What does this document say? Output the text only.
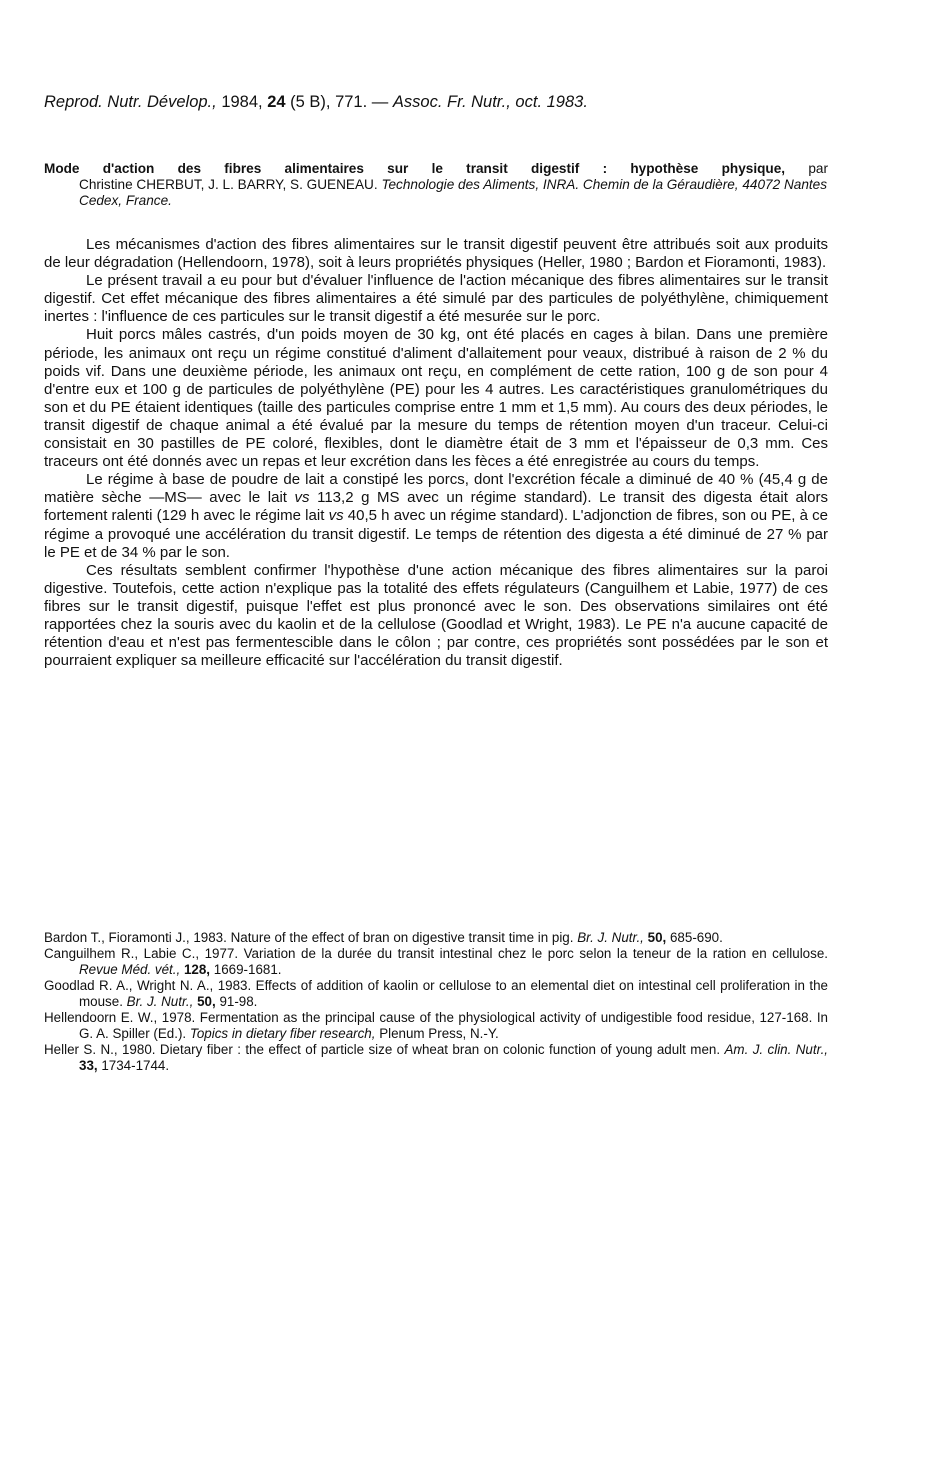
Reprod. Nutr. Dévelop., 1984, 24 (5 B), 771. — Assoc. Fr. Nutr., oct. 1983.
Mode d'action des fibres alimentaires sur le transit digestif : hypothèse physique, par
Christine CHERBUT, J. L. BARRY, S. GUENEAU. Technologie des Aliments, INRA. Chemin de la Géraudière, 44072 Nantes Cedex, France.

Les mécanismes d'action des fibres alimentaires sur le transit digestif peuvent être attribués soit aux produits de leur dégradation (Hellendoorn, 1978), soit à leurs propriétés physiques (Heller, 1980 ; Bardon et Fioramonti, 1983).

Le présent travail a eu pour but d'évaluer l'influence de l'action mécanique des fibres alimentaires sur le transit digestif. Cet effet mécanique des fibres alimentaires a été simulé par des particules de polyéthylène, chimiquement inertes : l'influence de ces particules sur le transit digestif a été mesurée sur le porc.

Huit porcs mâles castrés, d'un poids moyen de 30 kg, ont été placés en cages à bilan. Dans une première période, les animaux ont reçu un régime constitué d'aliment d'allaitement pour veaux, distribué à raison de 2 % du poids vif. Dans une deuxième période, les animaux ont reçu, en complément de cette ration, 100 g de son pour 4 d'entre eux et 100 g de particules de polyéthylène (PE) pour les 4 autres. Les caractéristiques granulométriques du son et du PE étaient identiques (taille des particules comprise entre 1 mm et 1,5 mm). Au cours des deux périodes, le transit digestif de chaque animal a été évalué par la mesure du temps de rétention moyen d'un traceur. Celui-ci consistait en 30 pastilles de PE coloré, flexibles, dont le diamètre était de 3 mm et l'épaisseur de 0,3 mm. Ces traceurs ont été donnés avec un repas et leur excrétion dans les fèces a été enregistrée au cours du temps.

Le régime à base de poudre de lait a constipé les porcs, dont l'excrétion fécale a diminué de 40 % (45,4 g de matière sèche —MS— avec le lait vs 113,2 g MS avec un régime standard). Le transit des digesta était alors fortement ralenti (129 h avec le régime lait vs 40,5 h avec un régime standard). L'adjonction de fibres, son ou PE, à ce régime a provoqué une accélération du transit digestif. Le temps de rétention des digesta a été diminué de 27 % par le PE et de 34 % par le son.

Ces résultats semblent confirmer l'hypothèse d'une action mécanique des fibres alimentaires sur la paroi digestive. Toutefois, cette action n'explique pas la totalité des effets régulateurs (Canguilhem et Labie, 1977) de ces fibres sur le transit digestif, puisque l'effet est plus prononcé avec le son. Des observations similaires ont été rapportées chez la souris avec du kaolin et de la cellulose (Goodlad et Wright, 1983). Le PE n'a aucune capacité de rétention d'eau et n'est pas fermentescible dans le côlon ; par contre, ces propriétés sont possédées par le son et pourraient expliquer sa meilleure efficacité sur l'accélération du transit digestif.

Bardon T., Fioramonti J., 1983. Nature of the effect of bran on digestive transit time in pig. Br. J. Nutr., 50, 685-690.

Canguilhem R., Labie C., 1977. Variation de la durée du transit intestinal chez le porc selon la teneur de la ration en cellulose. Revue Méd. vét., 128, 1669-1681.

Goodlad R. A., Wright N. A., 1983. Effects of addition of kaolin or cellulose to an elemental diet on intestinal cell proliferation in the mouse. Br. J. Nutr., 50, 91-98.

Hellendoorn E. W., 1978. Fermentation as the principal cause of the physiological activity of undigestible food residue, 127-168. In G. A. Spiller (Ed.). Topics in dietary fiber research, Plenum Press, N.-Y.

Heller S. N., 1980. Dietary fiber : the effect of particle size of wheat bran on colonic function of young adult men. Am. J. clin. Nutr., 33, 1734-1744.
